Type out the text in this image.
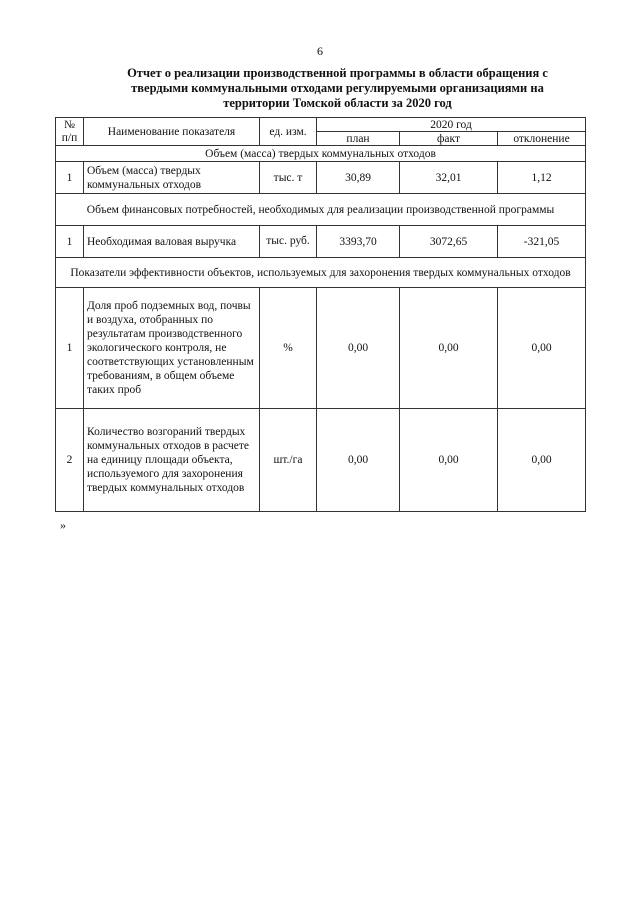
6

Отчет о реализации производственной программы в области обращения с твердыми коммунальными отходами регулируемыми организациями на территории Томской области за 2020 год

№ п/п	Наименование показателя	ед. изм.	2020 год		
			план	факт	отклонение
Объем (масса) твердых коммунальных отходов					
1	Объем (масса) твердых коммунальных отходов	тыс. т	30,89	32,01	1,12
Объем финансовых потребностей, необходимых для реализации производственной программы					
1	Необходимая валовая выручка	тыс. руб.	3393,70	3072,65	-321,05
Показатели эффективности объектов, используемых для захоронения твердых коммунальных отходов					
1	Доля проб подземных вод, почвы и воздуха, отобранных по результатам производственного экологического контроля, не соответствующих установленным требованиям, в общем объеме таких проб	%	0,00	0,00	0,00
2	Количество возгораний твердых коммунальных отходов в расчете на единицу площади объекта, используемого для захоронения твердых коммунальных отходов	шт./га	0,00	0,00	0,00
»
